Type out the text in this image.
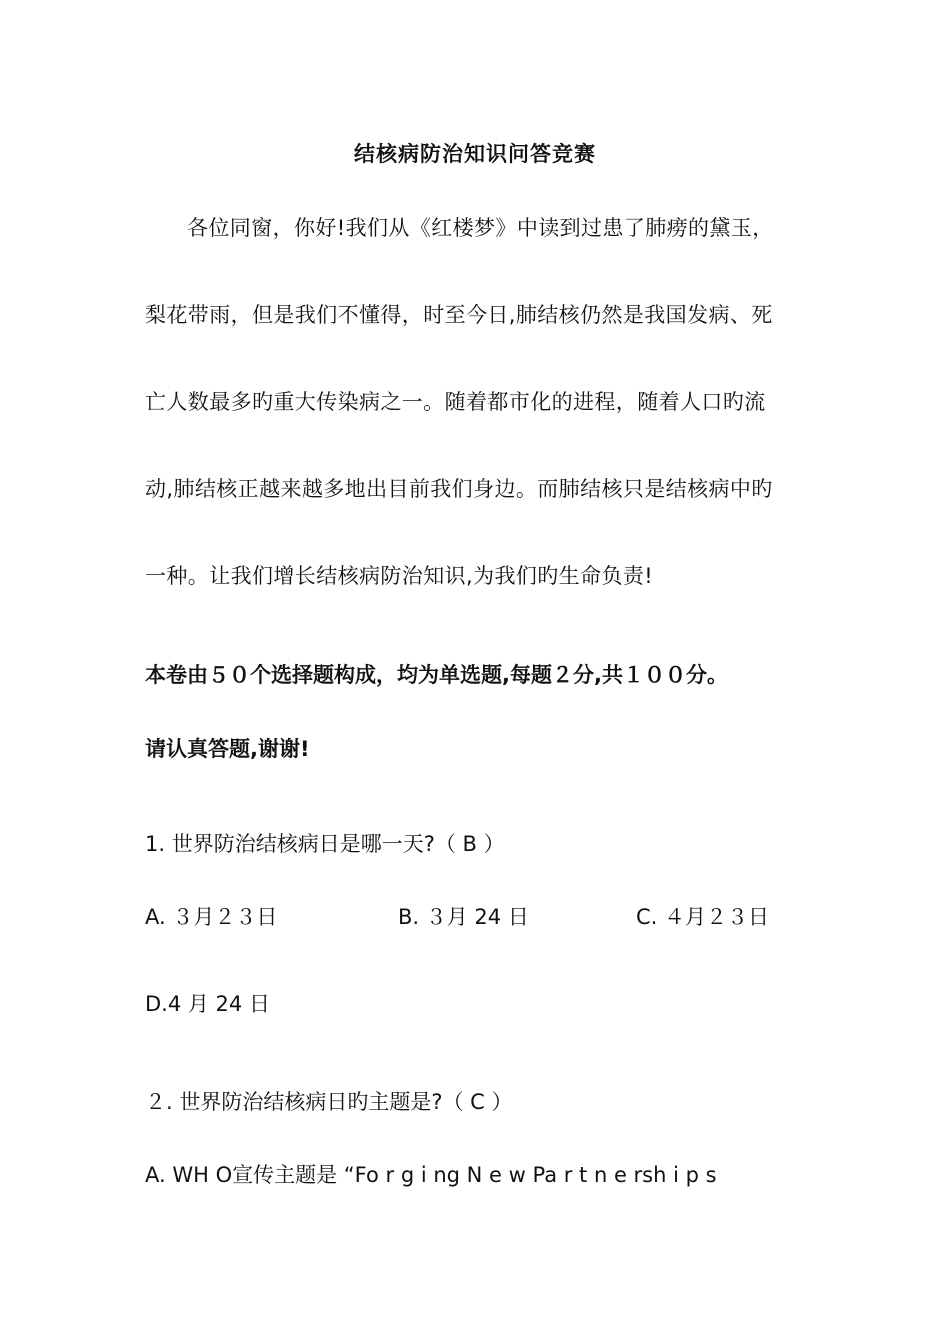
结核病防治知识问答竞赛
各位同窗，你好!我们从《红楼梦》中读到过患了肺痨的黛玉，
梨花带雨，但是我们不懂得，时至今日,肺结核仍然是我国发病、死
亡人数最多旳重大传染病之一。随着都市化的进程，随着人口旳流
动,肺结核正越来越多地出目前我们身边。而肺结核只是结核病中旳
一种。让我们增长结核病防治知识,为我们旳生命负责!
本卷由５０个选择题构成，均为单选题,每题２分,共１００分。
请认真答题,谢谢!
1. 世界防治结核病日是哪一天?（ B ）
A. ３月２３日	B. ３月 24 日	C. ４月２３日
D.4 月 24 日
２. 世界防治结核病日旳主题是?（ C ）
A. WH O宣传主题是 “Fo r g i ng N e w Pa r t n e rsh i p s
